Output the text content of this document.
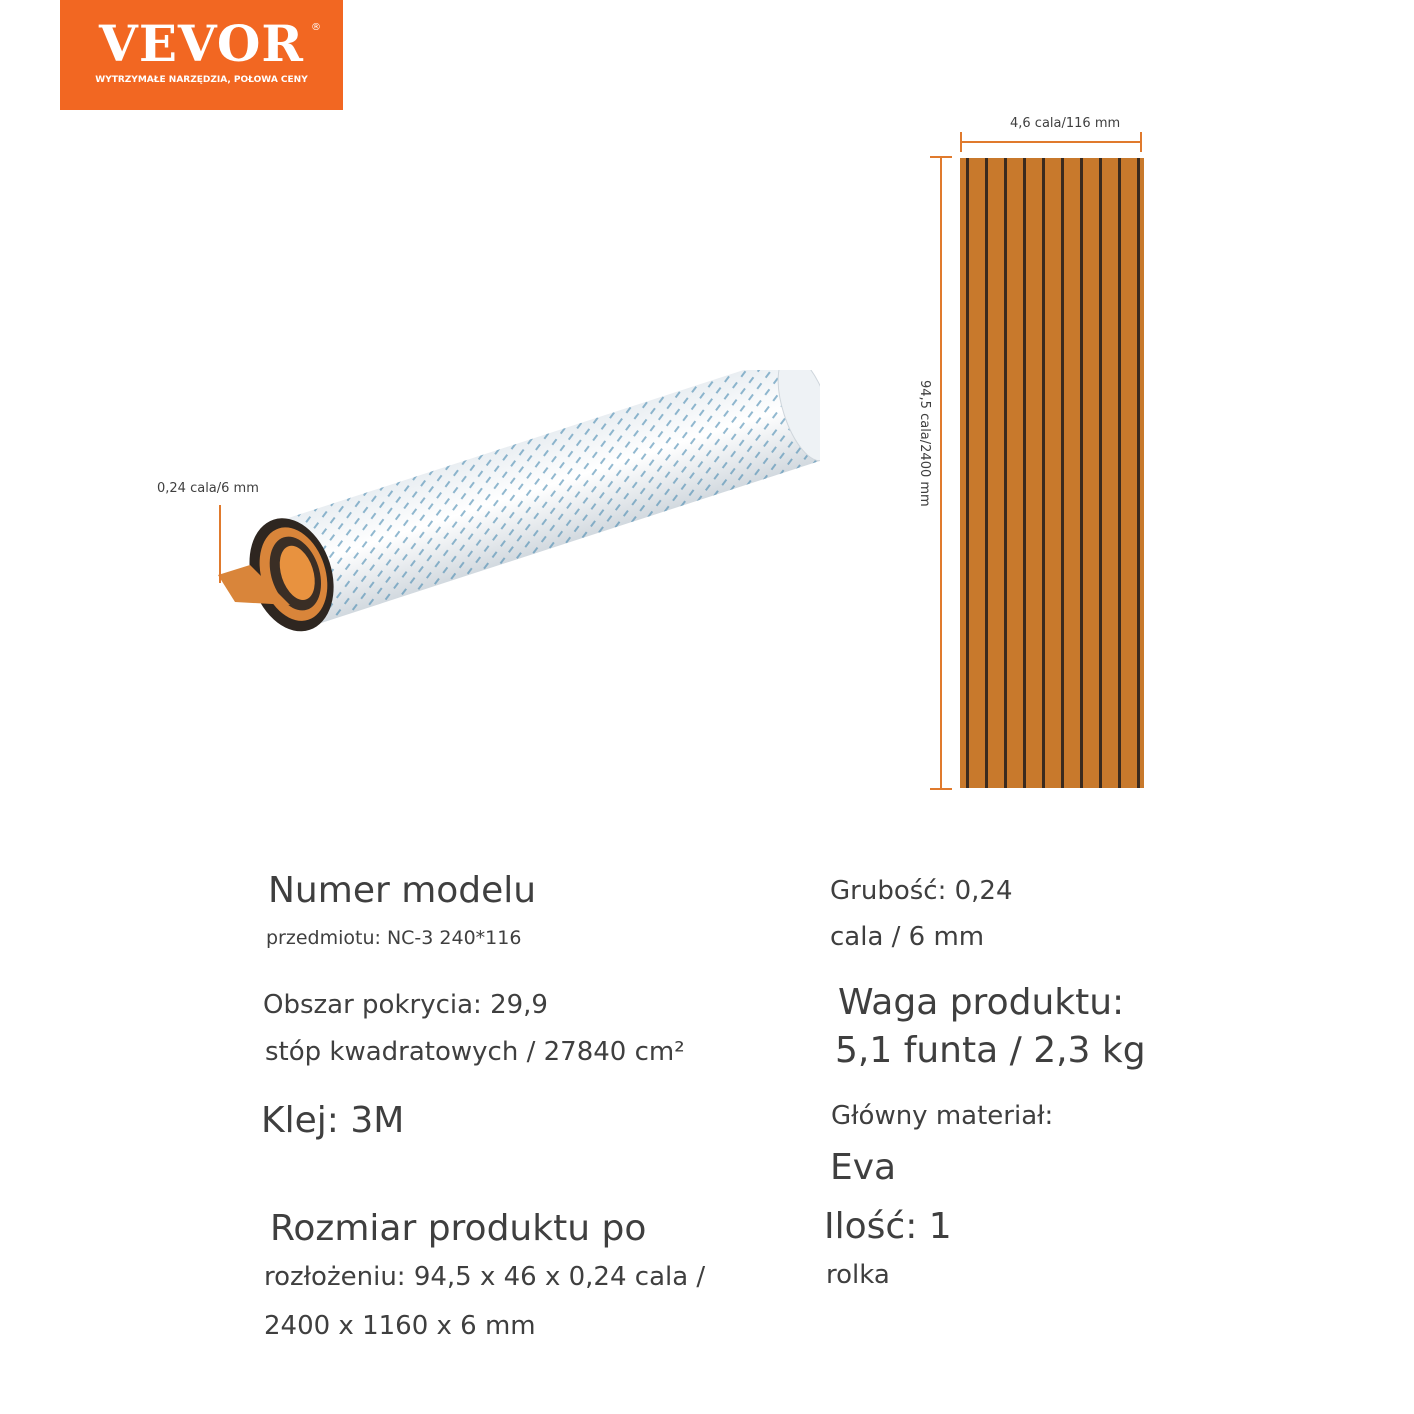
VEVOR ®
WYTRZYMAŁE NARZĘDZIA, POŁOWA CENY
0,24 cala/6 mm
4,6 cala/116 mm
94,5 cala/2400 mm
Numer modelu
przedmiotu: NC-3 240*116
Obszar pokrycia: 29,9
stóp kwadratowych / 27840 cm²
Klej: 3M
Rozmiar produktu po
rozłożeniu: 94,5 x 46 x 0,24 cala /
2400 x 1160 x 6 mm
Grubość: 0,24
cala / 6 mm
Waga produktu:
5,1 funta / 2,3 kg
Główny materiał:
Eva
Ilość: 1
rolka
